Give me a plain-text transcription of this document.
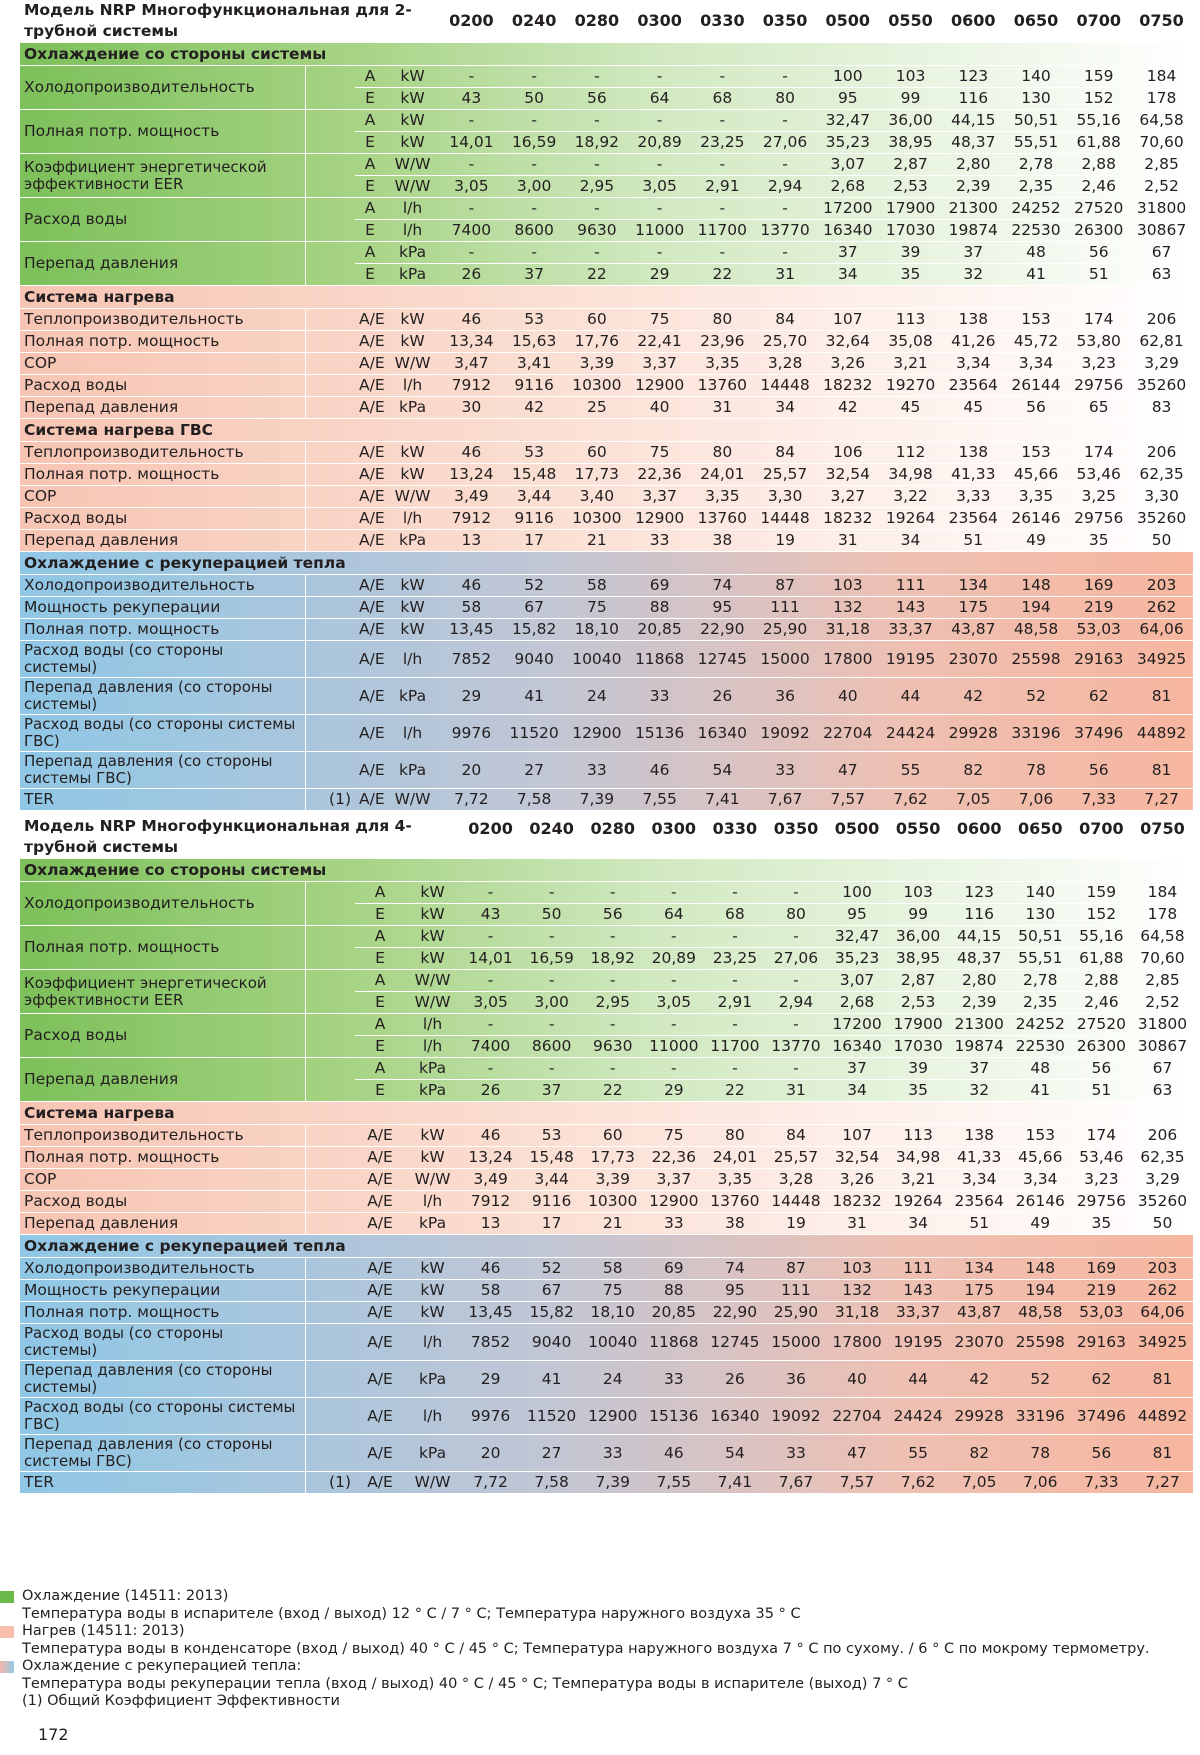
Модель NRP Многофункциональная для 2- трубной системы				0200	0240	0280	0300	0330	0350	0500	0550	0600	0650	0700	0750
Охлаждение со стороны системы															
Холодопроизводительность		A	kW	-	-	-	-	-	-	100	103	123	140	159	184
		E	kW	43	50	56	64	68	80	95	99	116	130	152	178
Полная потр. мощность		A	kW	-	-	-	-	-	-	32,47	36,00	44,15	50,51	55,16	64,58
		E	kW	14,01	16,59	18,92	20,89	23,25	27,06	35,23	38,95	48,37	55,51	61,88	70,60
Коэффициент энергетической эффективности EER		A	W/W	-	-	-	-	-	-	3,07	2,87	2,80	2,78	2,88	2,85
		E	W/W	3,05	3,00	2,95	3,05	2,91	2,94	2,68	2,53	2,39	2,35	2,46	2,52
Расход воды		A	l/h	-	-	-	-	-	-	17200	17900	21300	24252	27520	31800
		E	l/h	7400	8600	9630	11000	11700	13770	16340	17030	19874	22530	26300	30867
Перепад давления		A	kPa	-	-	-	-	-	-	37	39	37	48	56	67
		E	kPa	26	37	22	29	22	31	34	35	32	41	51	63
Система нагрева															
Теплопроизводительность		A/E	kW	46	53	60	75	80	84	107	113	138	153	174	206
Полная потр. мощность		A/E	kW	13,34	15,63	17,76	22,41	23,96	25,70	32,64	35,08	41,26	45,72	53,80	62,81
COP		A/E	W/W	3,47	3,41	3,39	3,37	3,35	3,28	3,26	3,21	3,34	3,34	3,23	3,29
Расход воды		A/E	l/h	7912	9116	10300	12900	13760	14448	18232	19270	23564	26144	29756	35260
Перепад давления		A/E	kPa	30	42	25	40	31	34	42	45	45	56	65	83
Система нагрева ГВС															
Теплопроизводительность		A/E	kW	46	53	60	75	80	84	106	112	138	153	174	206
Полная потр. мощность		A/E	kW	13,24	15,48	17,73	22,36	24,01	25,57	32,54	34,98	41,33	45,66	53,46	62,35
COP		A/E	W/W	3,49	3,44	3,40	3,37	3,35	3,30	3,27	3,22	3,33	3,35	3,25	3,30
Расход воды		A/E	l/h	7912	9116	10300	12900	13760	14448	18232	19264	23564	26146	29756	35260
Перепад давления		A/E	kPa	13	17	21	33	38	19	31	34	51	49	35	50
Охлаждение с рекуперацией тепла															
Холодопроизводительность		A/E	kW	46	52	58	69	74	87	103	111	134	148	169	203
Мощность рекуперации		A/E	kW	58	67	75	88	95	111	132	143	175	194	219	262
Полная потр. мощность		A/E	kW	13,45	15,82	18,10	20,85	22,90	25,90	31,18	33,37	43,87	48,58	53,03	64,06
Расход воды (со стороны системы)		A/E	l/h	7852	9040	10040	11868	12745	15000	17800	19195	23070	25598	29163	34925
Перепад давления (со стороны системы)		A/E	kPa	29	41	24	33	26	36	40	44	42	52	62	81
Расход воды (со стороны системы ГВС)		A/E	l/h	9976	11520	12900	15136	16340	19092	22704	24424	29928	33196	37496	44892
Перепад давления (со стороны системы ГВС)		A/E	kPa	20	27	33	46	54	33	47	55	82	78	56	81
TER	(1)	A/E	W/W	7,72	7,58	7,39	7,55	7,41	7,67	7,57	7,62	7,05	7,06	7,33	7,27
Модель NRP Многофункциональная для 4- трубной системы				0200	0240	0280	0300	0330	0350	0500	0550	0600	0650	0700	0750
Охлаждение со стороны системы															
Холодопроизводительность		A	kW	-	-	-	-	-	-	100	103	123	140	159	184
		E	kW	43	50	56	64	68	80	95	99	116	130	152	178
Полная потр. мощность		A	kW	-	-	-	-	-	-	32,47	36,00	44,15	50,51	55,16	64,58
		E	kW	14,01	16,59	18,92	20,89	23,25	27,06	35,23	38,95	48,37	55,51	61,88	70,60
Коэффициент энергетической эффективности EER		A	W/W	-	-	-	-	-	-	3,07	2,87	2,80	2,78	2,88	2,85
		E	W/W	3,05	3,00	2,95	3,05	2,91	2,94	2,68	2,53	2,39	2,35	2,46	2,52
Расход воды		A	l/h	-	-	-	-	-	-	17200	17900	21300	24252	27520	31800
		E	l/h	7400	8600	9630	11000	11700	13770	16340	17030	19874	22530	26300	30867
Перепад давления		A	kPa	-	-	-	-	-	-	37	39	37	48	56	67
		E	kPa	26	37	22	29	22	31	34	35	32	41	51	63
Система нагрева															
Теплопроизводительность		A/E	kW	46	53	60	75	80	84	107	113	138	153	174	206
Полная потр. мощность		A/E	kW	13,24	15,48	17,73	22,36	24,01	25,57	32,54	34,98	41,33	45,66	53,46	62,35
COP		A/E	W/W	3,49	3,44	3,39	3,37	3,35	3,28	3,26	3,21	3,34	3,34	3,23	3,29
Расход воды		A/E	l/h	7912	9116	10300	12900	13760	14448	18232	19264	23564	26146	29756	35260
Перепад давления		A/E	kPa	13	17	21	33	38	19	31	34	51	49	35	50
Охлаждение с рекуперацией тепла															
Холодопроизводительность		A/E	kW	46	52	58	69	74	87	103	111	134	148	169	203
Мощность рекуперации		A/E	kW	58	67	75	88	95	111	132	143	175	194	219	262
Полная потр. мощность		A/E	kW	13,45	15,82	18,10	20,85	22,90	25,90	31,18	33,37	43,87	48,58	53,03	64,06
Расход воды (со стороны системы)		A/E	l/h	7852	9040	10040	11868	12745	15000	17800	19195	23070	25598	29163	34925
Перепад давления (со стороны системы)		A/E	kPa	29	41	24	33	26	36	40	44	42	52	62	81
Расход воды (со стороны системы ГВС)		A/E	l/h	9976	11520	12900	15136	16340	19092	22704	24424	29928	33196	37496	44892
Перепад давления (со стороны системы ГВС)		A/E	kPa	20	27	33	46	54	33	47	55	82	78	56	81
TER	(1)	A/E	W/W	7,72	7,58	7,39	7,55	7,41	7,67	7,57	7,62	7,05	7,06	7,33	7,27
Охлаждение (14511: 2013)
Температура воды в испарителе (вход / выход) 12 ° C / 7 ° C; Температура наружного воздуха 35 ° C
Нагрев (14511: 2013)
Температура воды в конденсаторе (вход / выход) 40 ° C / 45 ° C; Температура наружного воздуха 7 ° C по сухому. / 6 ° C по мокрому термометру.
Охлаждение с рекуперацией тепла:
Температура воды рекуперации тепла (вход / выход) 40 ° C / 45 ° C; Температура воды в испарителе (выход) 7 ° C
(1) Общий Коэффициент Эффективности
172
